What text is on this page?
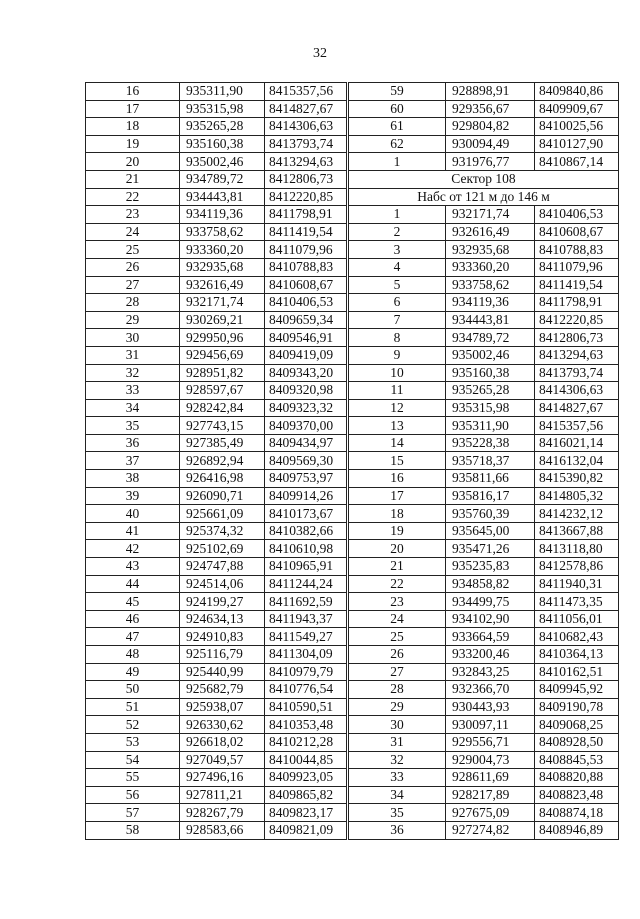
32
16	935311,90	8415357,56
17	935315,98	8414827,67
18	935265,28	8414306,63
19	935160,38	8413793,74
20	935002,46	8413294,63
21	934789,72	8412806,73
22	934443,81	8412220,85
23	934119,36	8411798,91
24	933758,62	8411419,54
25	933360,20	8411079,96
26	932935,68	8410788,83
27	932616,49	8410608,67
28	932171,74	8410406,53
29	930269,21	8409659,34
30	929950,96	8409546,91
31	929456,69	8409419,09
32	928951,82	8409343,20
33	928597,67	8409320,98
34	928242,84	8409323,32
35	927743,15	8409370,00
36	927385,49	8409434,97
37	926892,94	8409569,30
38	926416,98	8409753,97
39	926090,71	8409914,26
40	925661,09	8410173,67
41	925374,32	8410382,66
42	925102,69	8410610,98
43	924747,88	8410965,91
44	924514,06	8411244,24
45	924199,27	8411692,59
46	924634,13	8411943,37
47	924910,83	8411549,27
48	925116,79	8411304,09
49	925440,99	8410979,79
50	925682,79	8410776,54
51	925938,07	8410590,51
52	926330,62	8410353,48
53	926618,02	8410212,28
54	927049,57	8410044,85
55	927496,16	8409923,05
56	927811,21	8409865,82
57	928267,79	8409823,17
58	928583,66	8409821,09
59	928898,91	8409840,86
60	929356,67	8409909,67
61	929804,82	8410025,56
62	930094,49	8410127,90
1	931976,77	8410867,14
Сектор 108		
Набс от 121 м до 146 м		
1	932171,74	8410406,53
2	932616,49	8410608,67
3	932935,68	8410788,83
4	933360,20	8411079,96
5	933758,62	8411419,54
6	934119,36	8411798,91
7	934443,81	8412220,85
8	934789,72	8412806,73
9	935002,46	8413294,63
10	935160,38	8413793,74
11	935265,28	8414306,63
12	935315,98	8414827,67
13	935311,90	8415357,56
14	935228,38	8416021,14
15	935718,37	8416132,04
16	935811,66	8415390,82
17	935816,17	8414805,32
18	935760,39	8414232,12
19	935645,00	8413667,88
20	935471,26	8413118,80
21	935235,83	8412578,86
22	934858,82	8411940,31
23	934499,75	8411473,35
24	934102,90	8411056,01
25	933664,59	8410682,43
26	933200,46	8410364,13
27	932843,25	8410162,51
28	932366,70	8409945,92
29	930443,93	8409190,78
30	930097,11	8409068,25
31	929556,71	8408928,50
32	929004,73	8408845,53
33	928611,69	8408820,88
34	928217,89	8408823,48
35	927675,09	8408874,18
36	927274,82	8408946,89
